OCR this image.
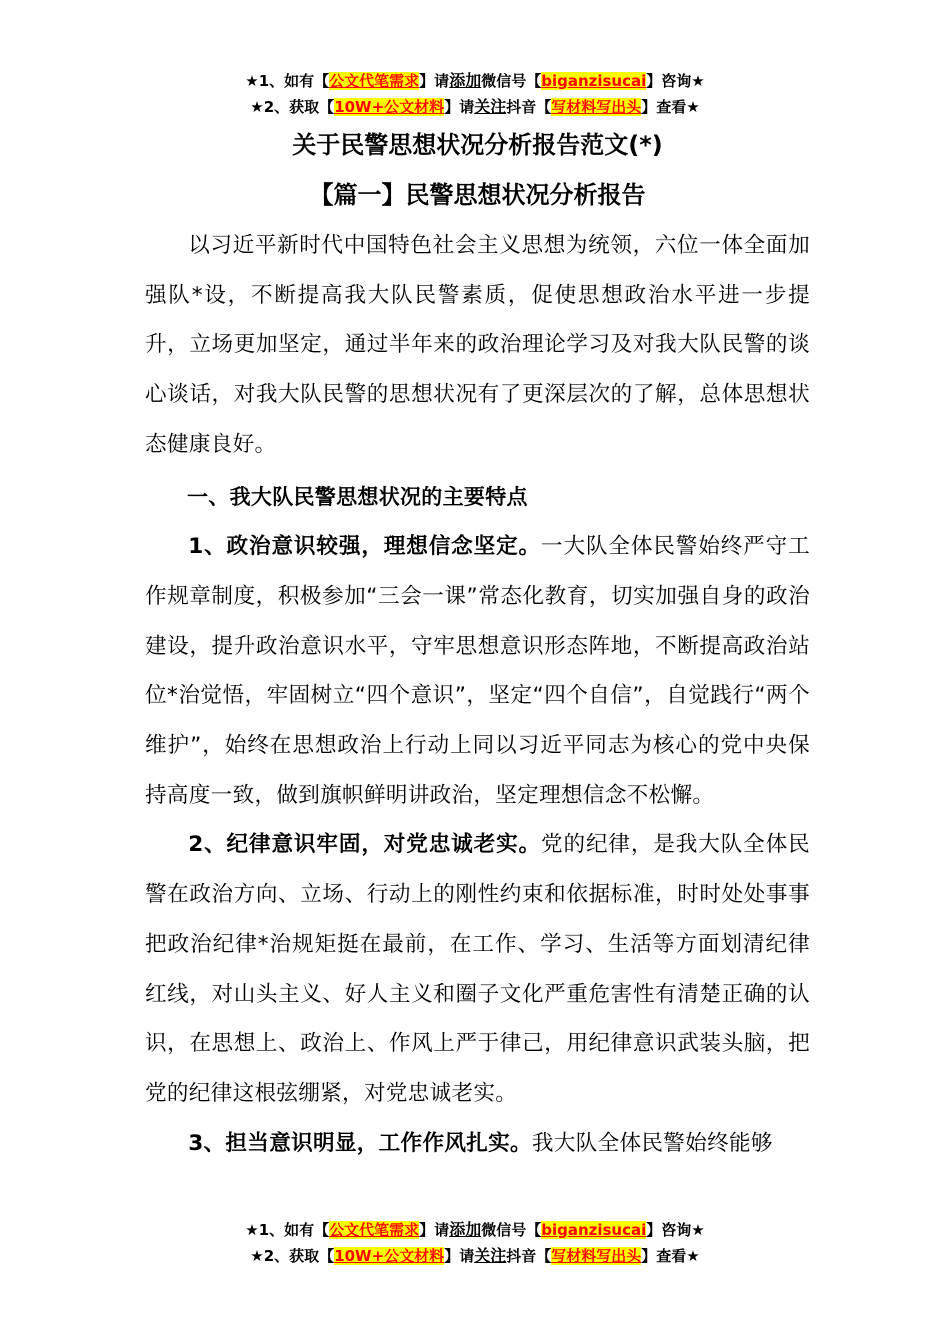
★1、如有【公文代笔需求】请添加微信号【biganzisucai】咨询★
★2、获取【10W+公文材料】请关注抖音【写材料写出头】查看★
关于民警思想状况分析报告范文(*)
【篇一】民警思想状况分析报告

以习近平新时代中国特色社会主义思想为统领，六位一体全面加强队*设，不断提高我大队民警素质，促使思想政治水平进一步提升，立场更加坚定，通过半年来的政治理论学习及对我大队民警的谈心谈话，对我大队民警的思想状况有了更深层次的了解，总体思想状态健康良好。

一、我大队民警思想状况的主要特点

1、政治意识较强，理想信念坚定。一大队全体民警始终严守工作规章制度，积极参加“三会一课”常态化教育，切实加强自身的政治建设，提升政治意识水平，守牢思想意识形态阵地，不断提高政治站位*治觉悟，牢固树立“四个意识”，坚定“四个自信”，自觉践行“两个维护”，始终在思想政治上行动上同以习近平同志为核心的党中央保持高度一致，做到旗帜鲜明讲政治，坚定理想信念不松懈。

2、纪律意识牢固，对党忠诚老实。党的纪律，是我大队全体民警在政治方向、立场、行动上的刚性约束和依据标准，时时处处事事把政治纪律*治规矩挺在最前，在工作、学习、生活等方面划清纪律红线，对山头主义、好人主义和圈子文化严重危害性有清楚正确的认识，在思想上、政治上、作风上严于律己，用纪律意识武装头脑，把党的纪律这根弦绷紧，对党忠诚老实。

3、担当意识明显，工作作风扎实。我大队全体民警始终能够

★1、如有【公文代笔需求】请添加微信号【biganzisucai】咨询★
★2、获取【10W+公文材料】请关注抖音【写材料写出头】查看★
